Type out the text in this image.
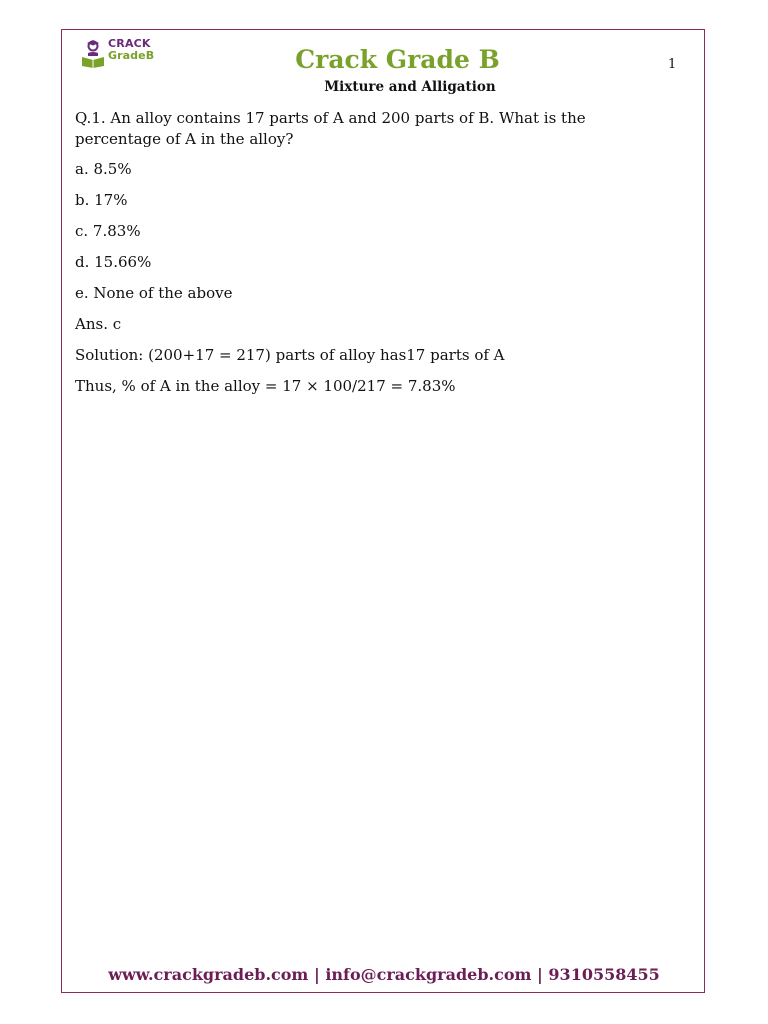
CRACK
GradeB	Crack Grade B	1
Mixture and Alligation

Q.1. An alloy contains 17 parts of A and 200 parts of B. What is the percentage of A in the alloy?

a. 8.5%

b. 17%

c. 7.83%

d. 15.66%

e. None of the above

Ans. c

Solution: (200+17 = 217) parts of alloy has17 parts of A

Thus, % of A in the alloy = 17 × 100/217 = 7.83%

www.crackgradeb.com | info@crackgradeb.com | 9310558455
